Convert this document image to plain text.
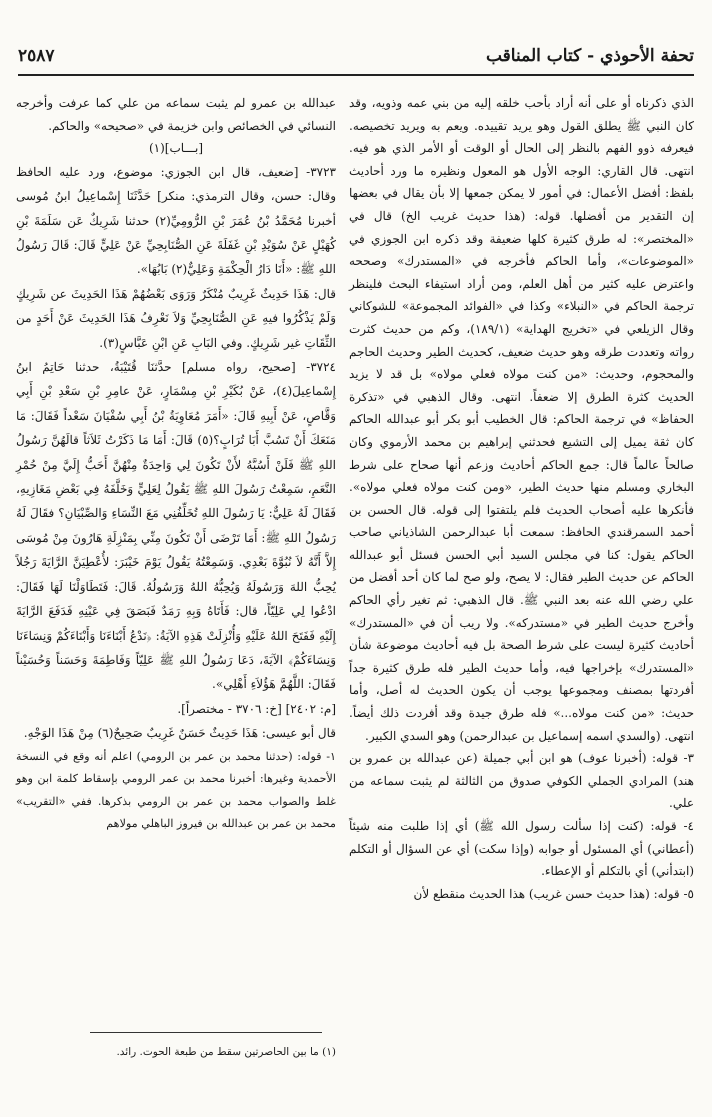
تحفة الأحوذي - كتاب المناقب
٢٥٨٧

الذي ذكرناه أو على أنه أراد بأحب خلقه إليه من بني عمه وذويه، وقد كان النبي ﷺ يطلق القول وهو يريد تقييده. ويعم به ويريد تخصيصه. فيعرفه ذوو الفهم بالنظر إلى الحال أو الوقت أو الأمر الذي هو فيه. انتهى. قال القاري: الوجه الأول هو المعول ونظيره ما ورد أحاديث بلفظ: أفضل الأعمال: في أمور لا يمكن جمعها إلا بأن يقال في بعضها إن التقدير من أفضلها. قوله: (هذا حديث غريب الخ) قال في «المختصر»: له طرق كثيرة كلها ضعيفة وقد ذكره ابن الجوزي في «الموضوعات»، وأما الحاكم فأخرجه في «المستدرك» وصححه واعترض عليه كثير من أهل العلم، ومن أراد استيفاء البحث فلينظر ترجمة الحاكم في «النبلاء» وكذا في «الفوائد المجموعة» للشوكاني وقال الزيلعي في «تخريج الهداية» (١٨٩/١)، وكم من حديث كثرت رواته وتعددت طرقه وهو حديث ضعيف، كحديث الطير وحديث الحاجم والمحجوم، وحديث: «من كنت مولاه فعلي مولاه» بل قد لا يزيد الحديث كثرة الطرق إلا ضعفاً. انتهى. وقال الذهبي في «تذكرة الحفاظ» في ترجمة الحاكم: قال الخطيب أبو بكر أبو عبدالله الحاكم كان ثقة يميل إلى التشيع فحدثني إبراهيم بن محمد الأرموي وكان صالحاً عالماً قال: جمع الحاكم أحاديث وزعم أنها صحاح على شرط البخاري ومسلم منها حديث الطير، «ومن كنت مولاه فعلي مولاه». فأنكرها عليه أصحاب الحديث فلم يلتفتوا إلى قوله. قال الحسن بن أحمد السمرقندي الحافظ: سمعت أبا عبدالرحمن الشاذياني صاحب الحاكم يقول: كنا في مجلس السيد أبي الحسن فسئل أبو عبدالله الحاكم عن حديث الطير فقال: لا يصح، ولو صح لما كان أحد أفضل من علي رضي الله عنه بعد النبي ﷺ. قال الذهبي: ثم تغير رأي الحاكم وأخرج حديث الطير في «مستدركه». ولا ريب أن في «المستدرك» أحاديث كثيرة ليست على شرط الصحة بل فيه أحاديث موضوعة شأن «المستدرك» بإخراجها فيه، وأما حديث الطير فله طرق كثيرة جداً أفردتها بمصنف ومجموعها يوجب أن يكون الحديث له أصل، وأما حديث: «من كنت مولاه...» فله طرق جيدة وقد أفردت ذلك أيضاً. انتهى. (والسدي اسمه إسماعيل بن عبدالرحمن) وهو السدي الكبير.

٣- قوله: (أخبرنا عوف) هو ابن أبي جميلة (عن عبدالله بن عمرو بن هند) المرادي الجملي الكوفي صدوق من الثالثة لم يثبت سماعه من علي.

٤- قوله: (كنت إذا سألت رسول الله ﷺ) أي إذا طلبت منه شيئاً (أعطاني) أي المسئول أو جوابه (وإذا سكت) أي عن السؤال أو التكلم (ابتدأني) أي بالتكلم أو الإعطاء.

٥- قوله: (هذا حديث حسن غريب) هذا الحديث منقطع لأن

عبدالله بن عمرو لم يثبت سماعه من علي كما عرفت وأخرجه النسائي في الخصائص وابن خزيمة في «صحيحه» والحاكم.

[بـــاب](١)

٣٧٢٣- [ضعيف، قال ابن الجوزي: موضوع، ورد عليه الحافظ وقال: حسن، وقال الترمذي: منكر] حَدَّثَنَا إِسْماعِيلُ ابنُ مُوسى أخبرنا مُحَمَّدُ بْنُ عُمَرَ بْنِ الرُّومِيِّ(٢) حدثنا شَرِيكٌ عَن سَلَمَةَ بْنِ كُهَيْلٍ عَنْ سُوَيْدِ بْنِ غَفَلَةَ عَنِ الصُّنَابِحِيِّ عَنْ عَلِيٍّ قَالَ: قَالَ رَسُولُ اللهِ ﷺ: «أَنَا دَارُ الْحِكْمَةِ وَعَلِيٌّ(٢) بَابُهَا».

قال: هَذَا حَدِيثٌ غَرِيبٌ مُنْكَرٌ وَرَوَى بَعْضُهُمْ هَذَا الحَدِيثَ عن شَرِيكٍ وَلَمْ يَذْكُرُوا فيهِ عَنِ الصُّنَابِحِيِّ وَلاَ نَعْرِفُ هَذَا الحَدِيثَ عَنْ أَحَدٍ من الثِّقَاتِ غير شَرِيكٍ. وفي البَابِ عَنِ ابْنِ عَبَّاسٍ(٣).

٣٧٢٤- [صحيح، رواه مسلم] حدَّثنَا قُتَيْبَةُ، حدثنا حَاتِمُ ابنُ إِسْماعِيلَ(٤)، عَنْ بُكَيْرِ بْنِ مِسْمَارٍ، عَنْ عامِرِ بْنِ سَعْدِ بْنِ أَبِي وَقَّاصٍ، عَنْ أَبِيهِ قَالَ: «أَمَرَ مُعَاوِيَةُ بْنُ أَبِي سُفْيَانَ سَعْداً فَقَالَ: مَا مَنَعَكَ أَنْ تَسُبَّ أَبَا تُرَابٍ؟(٥) قَالَ: أَمَا مَا ذَكَرْتُ ثَلاَثاً قالَهُنَّ رَسُولُ اللهِ ﷺ فَلَنْ أَسُبَّهُ لأَنْ تَكُونَ لِي وَاحِدَةٌ مِنْهُنَّ أَحَبُّ إِلَيَّ مِنْ حُمْرِ النَّعَمِ، سَمِعْتُ رَسُولَ اللهِ ﷺ يَقُولُ لِعَلِيٍّ وَخَلَّفَهُ فِي بَعْضِ مَغَازِيهِ، فَقَالَ لَهُ عَلِيٌّ: يَا رَسُولَ اللهِ تُخَلِّفُنِي مَعَ النِّسَاءِ وَالصِّبْيَانِ؟ فقَالَ لَهُ رَسُولُ اللهِ ﷺ: أَمَا تَرْضَى أَنْ تَكُونَ مِنِّي بِمَنْزِلَةِ هَارُونَ مِنْ مُوسَى إِلاَّ أَنَّهُ لاَ نُبُوَّةَ بَعْدِي. وَسَمِعْتُهُ يَقُولُ يَوْمَ خَيْبَرَ: لأُعْطِيَنَّ الرَّايَةَ رَجُلاً يُحِبُّ اللهَ وَرَسُولَهُ وَيُحِبُّهُ اللهُ وَرَسُولُهُ. قَالَ: فَتَطَاوَلْنَا لَهَا فَقَالَ: ادْعُوا لِي عَلِيّاً، قال: فَأَتَاهُ وَبِهِ رَمَدٌ فَبَصَقَ فِي عَيْنِهِ فَدَفَعَ الرَّايَةَ إِلَيْهِ فَفَتَحَ اللهُ عَلَيْهِ وَأُنْزِلَتْ هَذِهِ الآيَةُ: ﴿نَدْعُ أَبْنَاءَنَا وَأَبْنَاءَكُمْ وَنِسَاءَنَا وَنِسَاءَكُمْ﴾ الآيَةَ، دَعَا رَسُولُ اللهِ ﷺ عَلِيّاً وَفَاطِمَةَ وَحَسَناً وَحُسَيْناً فَقَالَ: اللَّهُمَّ هَؤُلاَءِ أَهْلِي».

[م: ٢٤٠٢] [خ: ٣٧٠٦ - مختصراً].

قال أبو عيسى: هَذَا حَدِيثٌ حَسَنٌ غَرِيبٌ صَحِيحٌ(٦) مِنْ هَذَا الوَجْهِ.

١- قوله: (حدثنا محمد بن عمر بن الرومي) اعلم أنه وقع في النسخة الأحمدية وغيرها: أخبرنا محمد بن عمر الرومي بإسقاط كلمة ابن وهو غلط والصواب محمد بن عمر بن الرومي بذكرها. ففي «التقريب» محمد بن عمر بن عبدالله بن فيروز الباهلي مولاهم

(١) ما بين الحاصرتين سقط من طبعة الحوت. رائد.
